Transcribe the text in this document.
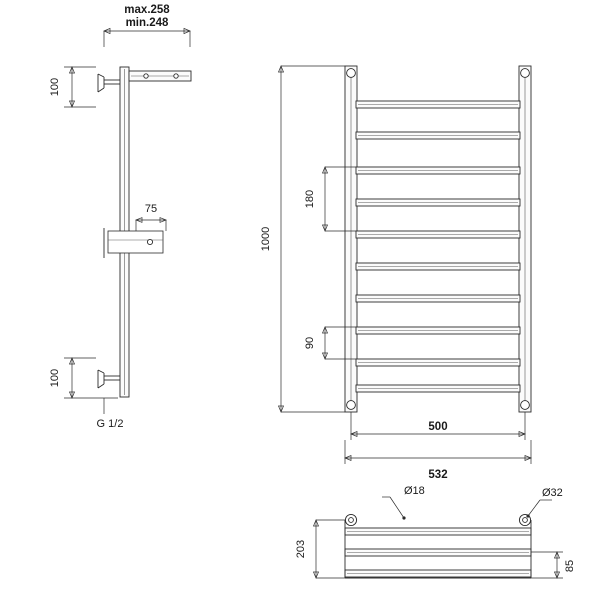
max.258
min.248
100
75
100
G 1/2
1000
180
90
500
532
Ø18	Ø32
203
85
